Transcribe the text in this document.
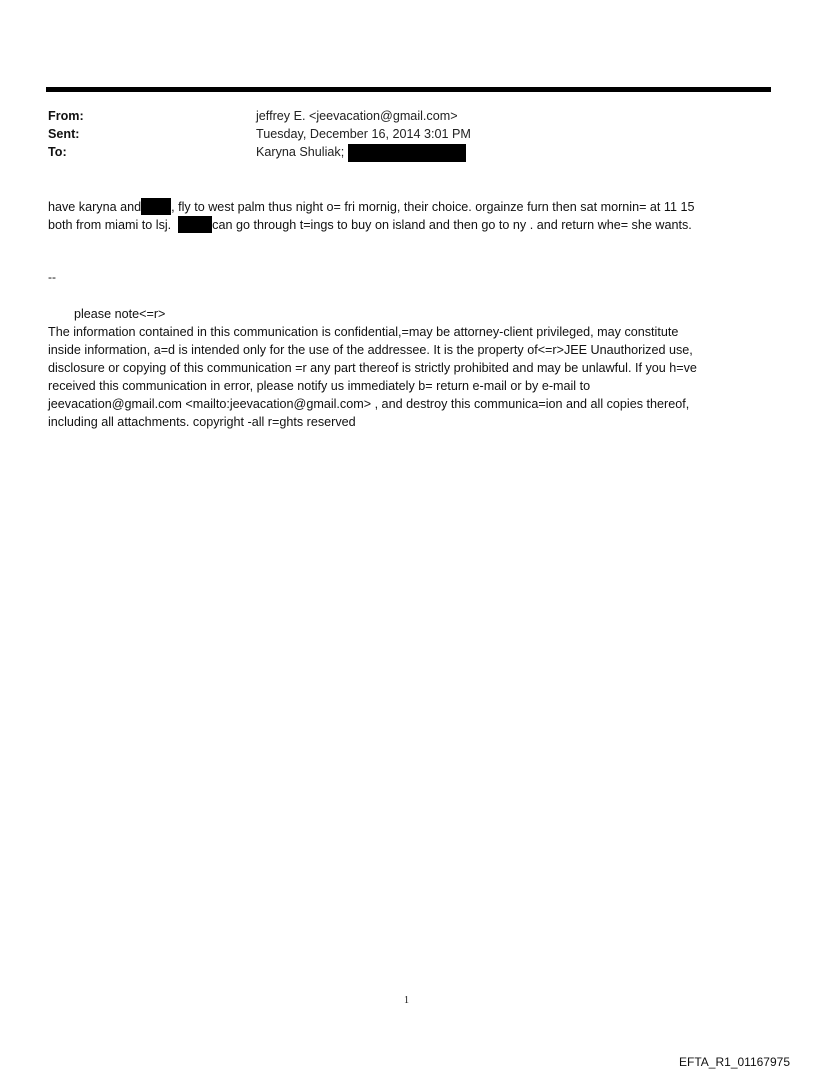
From:	jeffrey E. <jeevacation@gmail.com>
Sent:	Tuesday, December 16, 2014 3:01 PM
To:	Karyna Shuliak;
have karyna and , fly to west palm thus night o= fri mornig, their choice. orgainze furn then sat mornin= at 11 15
both from miami to lsj.	can go through t=ings to buy on island and then go to ny . and return whe= she wants.
--
please note<=r>
The information contained in this communication is confidential,=may be attorney-client privileged, may constitute
inside information, a=d is intended only for the use of the addressee. It is the property of<=r>JEE Unauthorized use,
disclosure or copying of this communication =r any part thereof is strictly prohibited and may be unlawful. If you h=ve
received this communication in error, please notify us immediately b= return e-mail or by e-mail to
jeevacation@gmail.com <mailto:jeevacation@gmail.com> , and destroy this communica=ion and all copies thereof,
including all attachments. copyright -all r=ghts reserved
1
EFTA_R1_01167975
